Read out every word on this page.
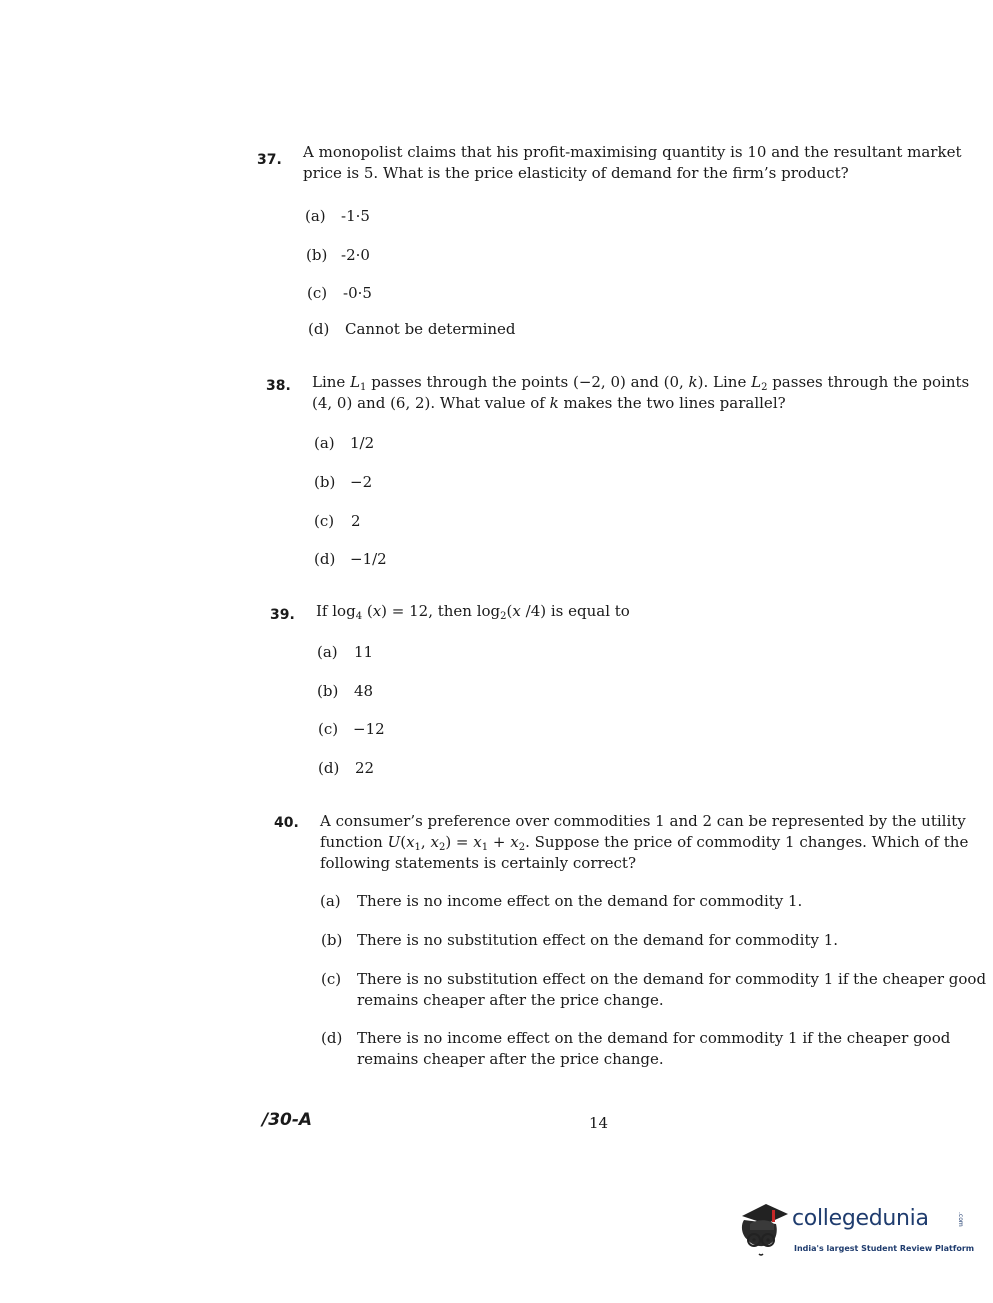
37. A monopolist claims that his profit-maximising quantity is 10 and the resultant market
price is 5. What is the price elasticity of demand for the firm’s product?
(a) -1·5
(b) -2·0
(c) -0·5
(d) Cannot be determined
38. Line $L_1$ passes through the points (−2, 0) and (0, k). Line $L_2$ passes through the points
(4, 0) and (6, 2). What value of k makes the two lines parallel?
(a) 1/2
(b) −2
(c) 2
(d) −1/2
39. If $\log_4 (x) = 12$, then $\log_2(x$ /4) is equal to
(a) 11
(b) 48
(c) −12
(d) 22
40. A consumer’s preference over commodities 1 and 2 can be represented by the utility
function $U(x_1$, $x_2) = x_1 + x_2$. Suppose the price of commodity 1 changes. Which of the
following statements is certainly correct?
(a) There is no income effect on the demand for commodity 1.
(b) There is no substitution effect on the demand for commodity 1.
(c) There is no substitution effect on the demand for commodity 1 if the cheaper good
remains cheaper after the price change.
(d) There is no income effect on the demand for commodity 1 if the cheaper good
remains cheaper after the price change.
/30-A	14
collegedunia	.com
India's largest Student Review Platform
